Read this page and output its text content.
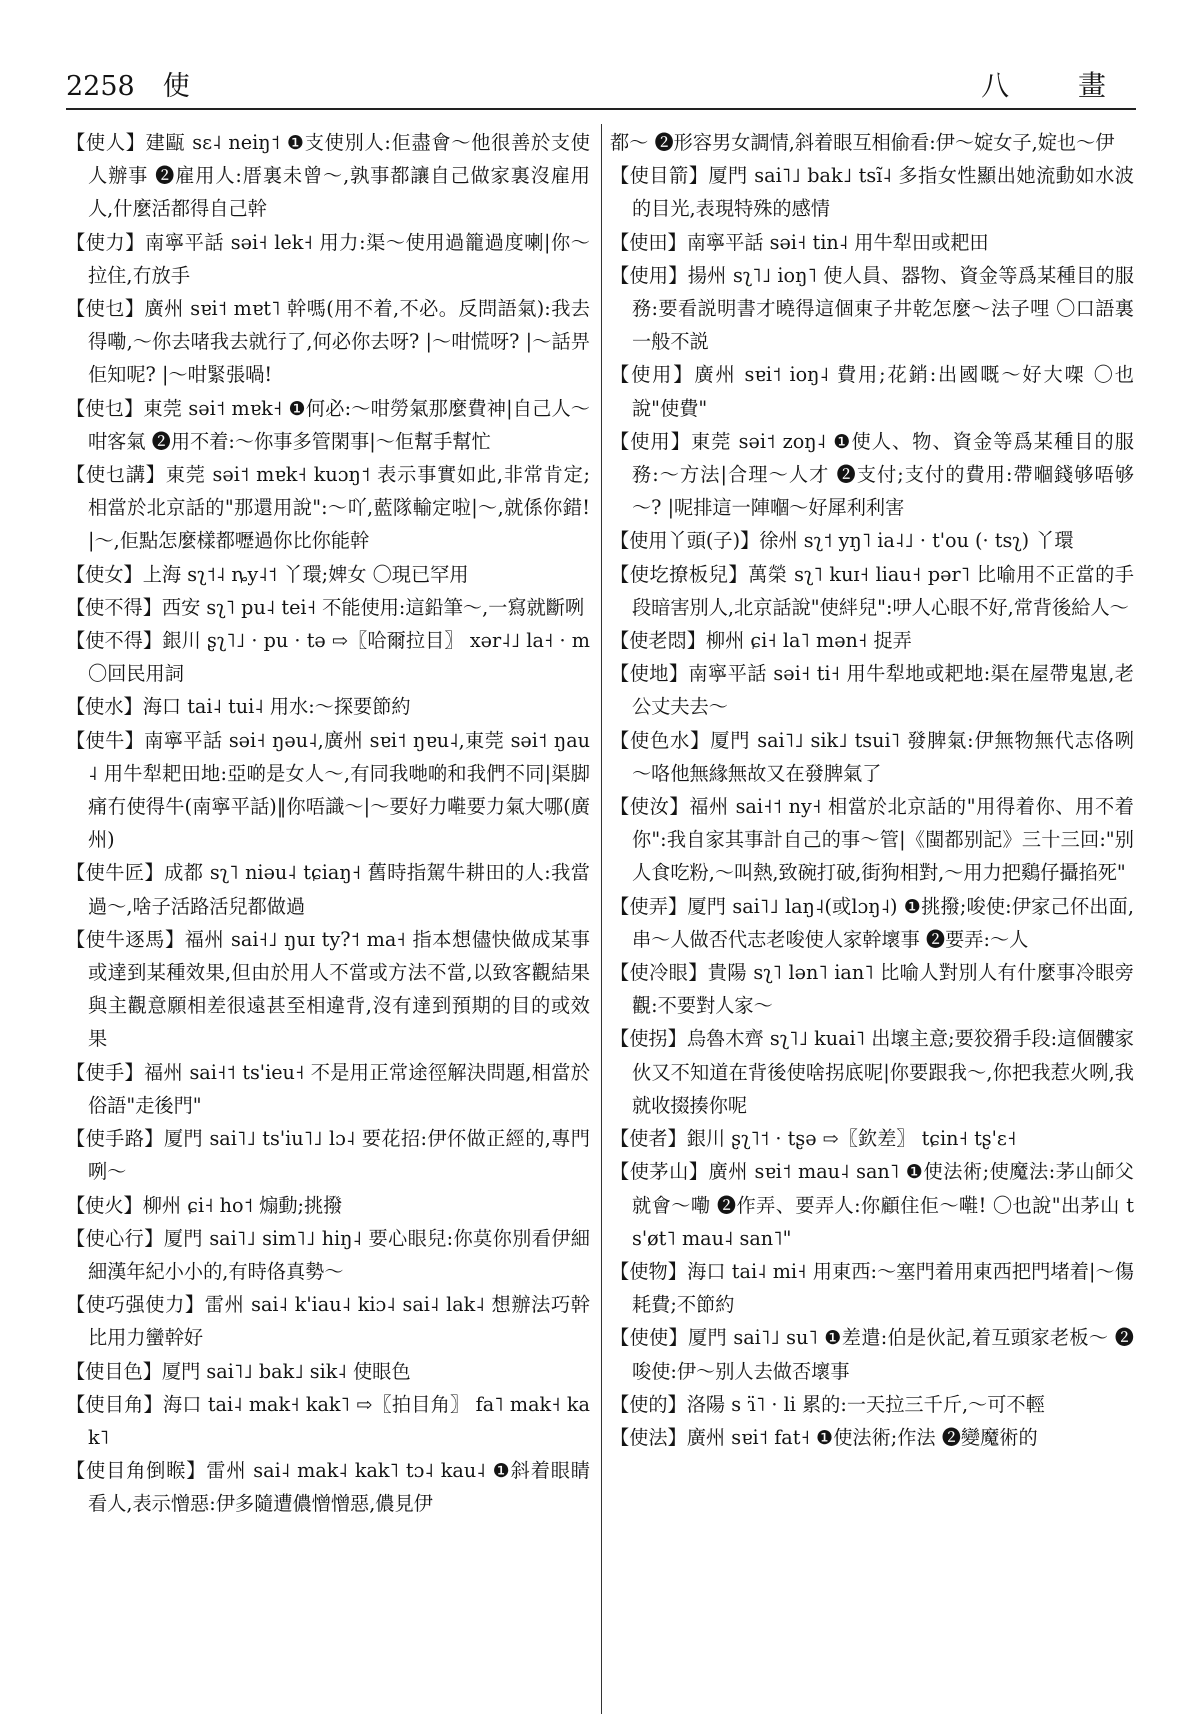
2258 使	八 畫

【使人】建甌 sɛ˨ neiŋ˦ ❶支使別人:佢盡會～他很善於支使人辦事 ❷雇用人:厝裏未曾～,孰事都讓自己做家裏沒雇用人,什麼活都得自己幹

【使力】南寧平話 səi˧ lek˧ 用力:渠～使用過籠過度喇|你～拉住,冇放手

【使乜】廣州 sɐi˦ mɐt˥ 幹嗎(用不着,不必。反問語氣):我去得嘞,～你去啫我去就行了,何必你去呀? |～咁慌呀? |～話畀佢知呢? |～咁緊張喎!

【使乜】東莞 səi˦ mɐk˧ ❶何必:～咁勞氣那麼費神|自己人～咁客氣 ❷用不着:～你事多管閑事|～佢幫手幫忙

【使乜講】東莞 səi˦ mɐk˧ kuɔŋ˦ 表示事實如此,非常肯定;相當於北京話的"那還用說":～吖,藍隊輸定啦|～,就係你錯! |～,佢點怎麼樣都嚦過你比你能幹

【使女】上海 sʅ˦˨ ȵy˨˦ 丫環;婢女 〇現已罕用

【使不得】西安 sʅ˥ pu˨ tei˧ 不能使用:這鉛筆～,一寫就斷咧

【使不得】銀川 ʂʅ˥˩ · pu · tə ⇨〖哈爾拉目〗 xər˨˩ la˧ · m 〇回民用詞

【使水】海口 tai˨ tui˨ 用水:～探要節約

【使牛】南寧平話 səi˧ ŋəu˨,廣州 sɐi˦ ŋɐu˨,東莞 səi˦ ŋau˨ 用牛犁耙田地:亞啲是女人～,有同我哋啲和我們不同|渠脚痛冇使得牛(南寧平話)‖你唔識～|～要好力嚡要力氣大哪(廣州)

【使牛匠】成都 sʅ˥ niəu˨ tɕiaŋ˧ 舊時指駕牛耕田的人:我當過～,啥子活路活兒都做過

【使牛逐馬】福州 sai˧˩ ŋuɪ ty?˦ ma˧ 指本想儘快做成某事或達到某種效果,但由於用人不當或方法不當,以致客觀結果與主觀意願相差很遠甚至相違背,沒有達到預期的目的或效果

【使手】福州 sai˧˦ ts'ieu˧ 不是用正常途徑解決問題,相當於俗語"走後門"

【使手路】厦門 sai˥˩ ts'iu˥˩ lɔ˨ 要花招:伊伓做正經的,專門咧～

【使火】柳州 ɕi˧ ho˦ 煽動;挑撥

【使心行】厦門 sai˥˩ sim˥˩ hiŋ˨ 要心眼兒:你莫你別看伊細細漢年紀小小的,有時佫真勢～

【使巧强使力】雷州 sai˨ k'iau˨ kiɔ˨ sai˨ lak˨ 想辦法巧幹比用力蠻幹好

【使目色】厦門 sai˥˩ bak˩ sik˨ 使眼色

【使目角】海口 tai˨ mak˧ kak˥ ⇨〖拍目角〗 fa˥ mak˧ kak˥

【使目角倒睺】雷州 sai˨ mak˨ kak˥ tɔ˨ kau˨ ❶斜着眼睛看人,表示憎惡:伊多隨遭儂憎憎惡,儂見伊

都～ ❷形容男女調情,斜着眼互相偷看:伊～婝女子,婝也～伊

【使目箭】厦門 sai˥˩ bak˩ tsĩ˨ 多指女性顯出她流動如水波的目光,表現特殊的感情

【使田】南寧平話 səi˧ tin˨ 用牛犁田或耙田

【使用】揚州 sʅ˥˩ ioŋ˥ 使人員、器物、資金等爲某種目的服務:要看説明書才曉得這個東子井乾怎麼～法子哩 〇口語裏一般不説

【使用】廣州 sɐi˦ ioŋ˨ 費用;花銷:出國嘅～好大㗎 〇也說"使費"

【使用】東莞 səi˦ zoŋ˨ ❶使人、物、資金等爲某種目的服務:～方法|合理～人才 ❷支付;支付的費用:帶嗰錢够唔够～? |呢排這一陣嗰～好犀利利害

【使用丫頭(子)】徐州 sʅ˦ yŋ˥ ia˨˩ · t'ou (· tsʅ) 丫環

【使圪撩板兒】萬榮 sʅ˥ kuɪ˧ liau˧ pər˥ 比喻用不正當的手段暗害別人,北京話說"使絆兒":吚人心眼不好,常背後給人～

【使老悶】柳州 ɕi˧ la˥ mən˧ 捉弄

【使地】南寧平話 səi˧ ti˧ 用牛犁地或耙地:渠在屋帶鬼崽,老公丈夫去～

【使色水】厦門 sai˥˩ sik˩ tsui˥ 發脾氣:伊無物無代志佫咧～咯他無緣無故又在發脾氣了

【使汝】福州 sai˧˦ ny˧ 相當於北京話的"用得着你、用不着你":我自家其事計自己的事～管|《閩都别記》三十三回:"别人食吃粉,～叫熱,致碗打破,街狗相對,～用力把鷄仔攝掐死"

【使弄】厦門 sai˥˩ laŋ˨(或lɔŋ˨) ❶挑撥;唆使:伊家己伓出面,串～人做否代志老唆使人家幹壞事 ❷要弄:～人

【使冷眼】貴陽 sʅ˥ lən˥ ian˥ 比喻人對別人有什麼事冷眼旁觀:不要對人家～

【使拐】烏魯木齊 sʅ˥˩ kuai˥ 出壞主意;要狡猾手段:這個髏家伙又不知道在背後使啥拐底呢|你要跟我～,你把我惹火咧,我就收掇揍你呢

【使者】銀川 ʂʅ˥˦ · tʂə ⇨〖欽差〗 tɕin˧ tʂ'ɛ˧

【使茅山】廣州 sɐi˦ mau˨ san˥ ❶使法術;使魔法:茅山師父就會～嘞 ❷作弄、要弄人:你顧住佢～嚡! 〇也說"出茅山 ts'øt˥ mau˨ san˥"

【使物】海口 tai˨ mi˧ 用東西:～塞門着用東西把門堵着|～傷耗費;不節約

【使使】厦門 sai˥˩ su˥ ❶差遣:伯是伙記,着互頭家老板～ ❷唆使:伊～别人去做否壞事

【使的】洛陽 s ɿ̈˥ · li 累的:一天拉三千斤,～可不輕

【使法】廣州 sɐi˦ fat˧ ❶使法術;作法 ❷變魔術的
